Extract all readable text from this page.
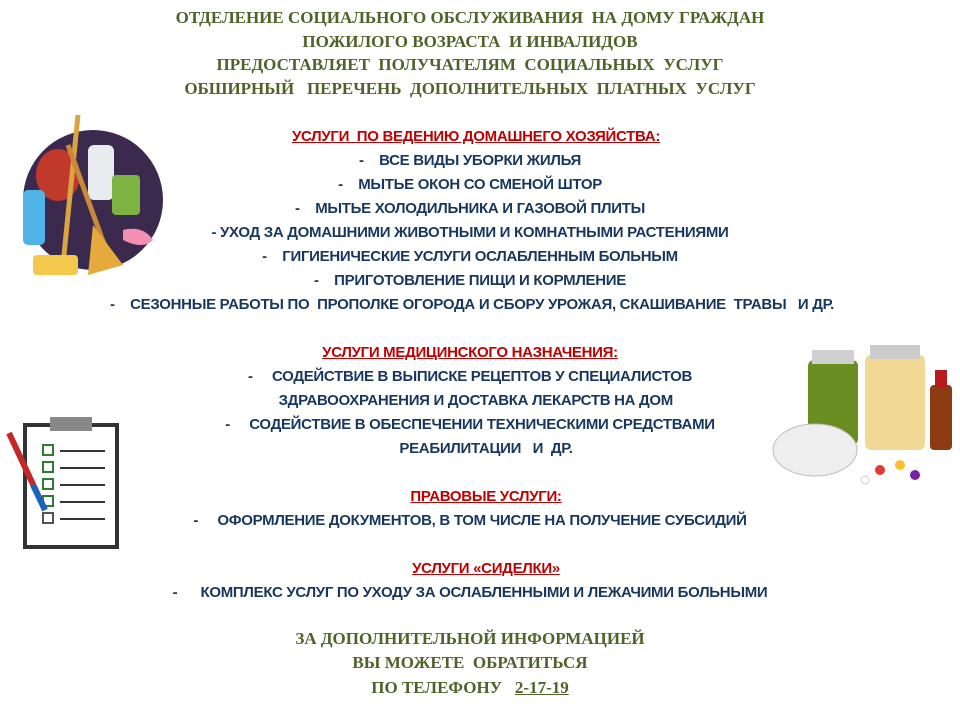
ОТДЕЛЕНИЕ СОЦИАЛЬНОГО ОБСЛУЖИВАНИЯ  НА ДОМУ ГРАЖДАН
ПОЖИЛОГО ВОЗРАСТА  И ИНВАЛИДОВ
ПРЕДОСТАВЛЯЕТ  ПОЛУЧАТЕЛЯМ  СОЦИАЛЬНЫХ  УСЛУГ
ОБШИРНЫЙ   ПЕРЕЧЕНЬ  ДОПОЛНИТЕЛЬНЫХ  ПЛАТНЫХ  УСЛУГ
УСЛУГИ  ПО ВЕДЕНИЮ ДОМАШНЕГО ХОЗЯЙСТВА:
-    ВСЕ ВИДЫ УБОРКИ ЖИЛЬЯ
-    МЫТЬЕ ОКОН СО СМЕНОЙ ШТОР
-    МЫТЬЕ ХОЛОДИЛЬНИКА И ГАЗОВОЙ ПЛИТЫ
- УХОД ЗА ДОМАШНИМИ ЖИВОТНЫМИ И КОМНАТНЫМИ РАСТЕНИЯМИ
-    ГИГИЕНИЧЕСКИЕ УСЛУГИ ОСЛАБЛЕННЫМ БОЛЬНЫМ
-    ПРИГОТОВЛЕНИЕ ПИЩИ И КОРМЛЕНИЕ
-    СЕЗОННЫЕ РАБОТЫ ПО  ПРОПОЛКЕ ОГОРОДА И СБОРУ УРОЖАЯ, СКАШИВАНИЕ  ТРАВЫ   И ДР.
УСЛУГИ МЕДИЦИНСКОГО НАЗНАЧЕНИЯ:
-     СОДЕЙСТВИЕ В ВЫПИСКЕ РЕЦЕПТОВ У СПЕЦИАЛИСТОВ
ЗДРАВООХРАНЕНИЯ И ДОСТАВКА ЛЕКАРСТВ НА ДОМ
-     СОДЕЙСТВИЕ В ОБЕСПЕЧЕНИИ ТЕХНИЧЕСКИМИ СРЕДСТВАМИ
РЕАБИЛИТАЦИИ   И  ДР.
ПРАВОВЫЕ УСЛУГИ:
-     ОФОРМЛЕНИЕ ДОКУМЕНТОВ, В ТОМ ЧИСЛЕ НА ПОЛУЧЕНИЕ СУБСИДИЙ
УСЛУГИ «СИДЕЛКИ»
-      КОМПЛЕКС УСЛУГ ПО УХОДУ ЗА ОСЛАБЛЕННЫМИ И ЛЕЖАЧИМИ БОЛЬНЫМИ
ЗА ДОПОЛНИТЕЛЬНОЙ ИНФОРМАЦИЕЙ
ВЫ МОЖЕТЕ  ОБРАТИТЬСЯ
ПО ТЕЛЕФОНУ   2-17-19
